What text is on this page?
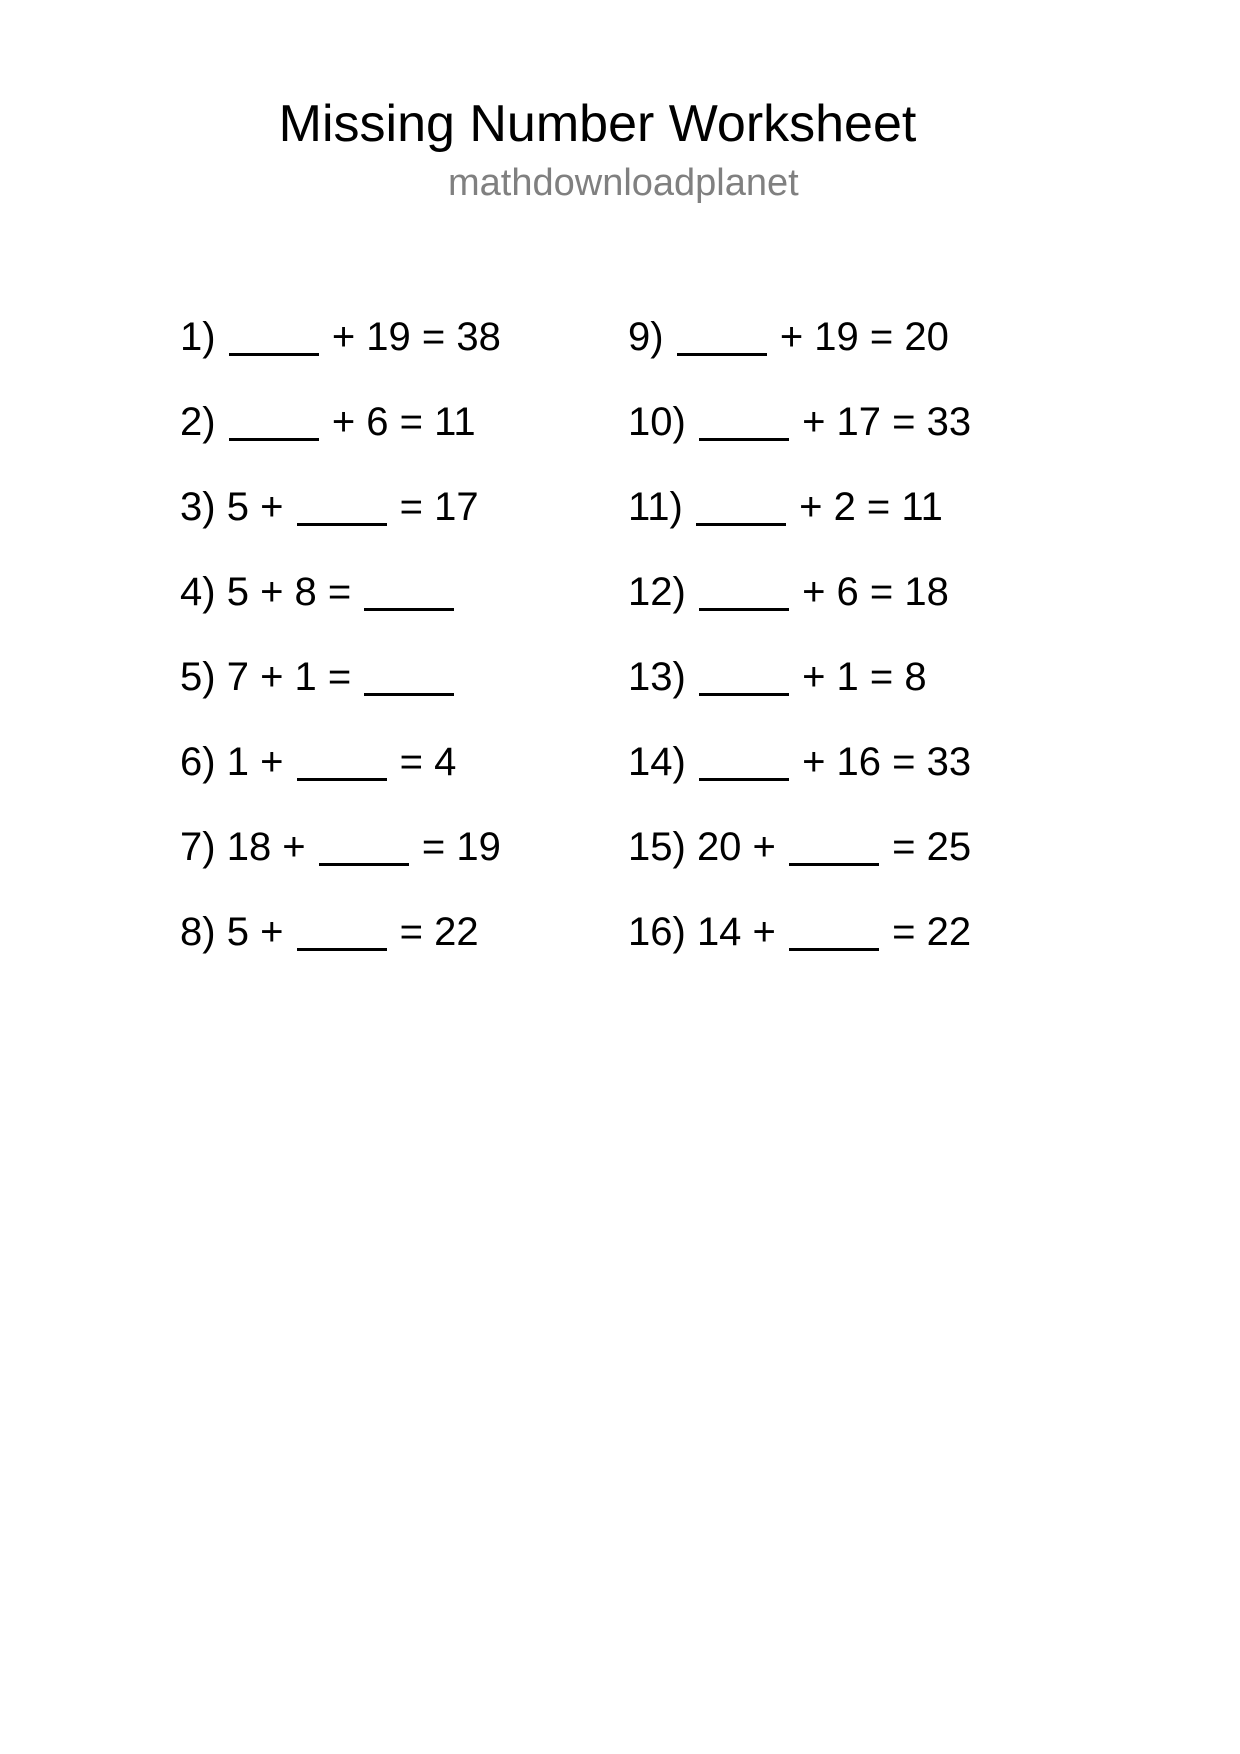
Missing Number Worksheet
mathdownloadplanet
1)

	+ 19 = 38
2)

	+ 6 = 11
3)
5 +

	= 17
4)
5 + 8 =

5)
7 + 1 =

6)
1 +

	= 4
7)
18 +

	= 19
8)
5 +

	= 22
9)

	+ 19 = 20
10)

	+ 17 = 33
11)

	+ 2 = 11
12)

	+ 6 = 18
13)

	+ 1 = 8
14)

	+ 16 = 33
15)
20 +

	= 25
16)
14 +

	= 22
